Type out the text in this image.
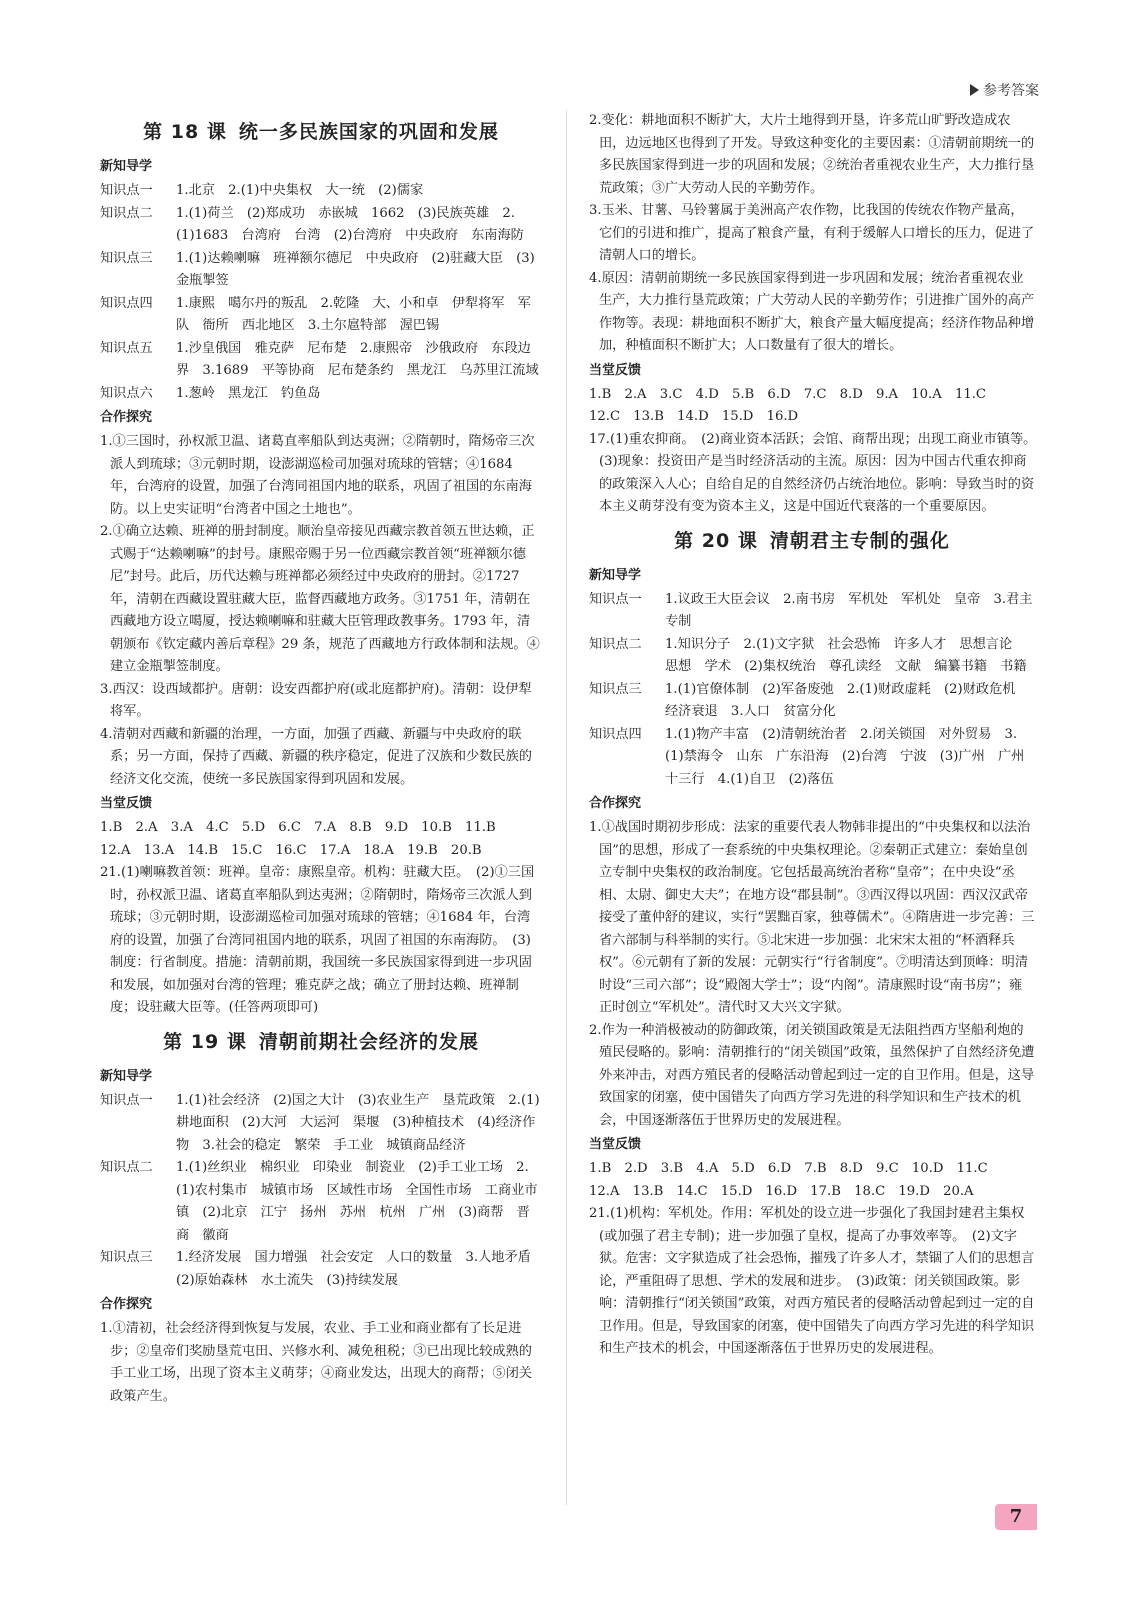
参考答案
第 18 课 统一多民族国家的巩固和发展
新知导学
知识点一	1.北京　2.(1)中央集权　大一统　(2)儒家
知识点二	1.(1)荷兰　(2)郑成功　赤嵌城　1662　(3)民族英雄　2.(1)1683　台湾府　台湾　(2)台湾府　中央政府　东南海防
知识点三	1.(1)达赖喇嘛　班禅额尔德尼　中央政府　(2)驻藏大臣　(3)金瓶掣签
知识点四	1.康熙　噶尔丹的叛乱　2.乾隆　大、小和卓　伊犁将军　军队　衙所　西北地区　3.土尔扈特部　渥巴锡
知识点五	1.沙皇俄国　雅克萨　尼布楚　2.康熙帝　沙俄政府　东段边界　3.1689　平等协商　尼布楚条约　黑龙江　乌苏里江流域
知识点六	1.葱岭　黑龙江　钓鱼岛
合作探究

1.①三国时，孙权派卫温、诸葛直率船队到达夷洲；②隋朝时，隋炀帝三次派人到琉球；③元朝时期，设澎湖巡检司加强对琉球的管辖；④1684 年，台湾府的设置，加强了台湾同祖国内地的联系，巩固了祖国的东南海防。以上史实证明“台湾者中国之土地也”。

2.①确立达赖、班禅的册封制度。顺治皇帝接见西藏宗教首领五世达赖，正式赐于“达赖喇嘛”的封号。康熙帝赐于另一位西藏宗教首领“班禅额尔德尼”封号。此后，历代达赖与班禅都必须经过中央政府的册封。②1727 年，清朝在西藏设置驻藏大臣，监督西藏地方政务。③1751 年，清朝在西藏地方设立噶厦，授达赖喇嘛和驻藏大臣管理政教事务。1793 年，清朝颁布《钦定藏内善后章程》29 条，规范了西藏地方行政体制和法规。④建立金瓶掣签制度。

3.西汉：设西域都护。唐朝：设安西都护府(或北庭都护府)。清朝：设伊犁将军。

4.清朝对西藏和新疆的治理，一方面，加强了西藏、新疆与中央政府的联系；另一方面，保持了西藏、新疆的秩序稳定，促进了汉族和少数民族的经济文化交流，使统一多民族国家得到巩固和发展。

当堂反馈

1.B　2.A　3.A　4.C　5.D　6.C　7.A　8.B　9.D　10.B　11.B

12.A　13.A　14.B　15.C　16.C　17.A　18.A　19.B　20.B

21.(1)喇嘛教首领：班禅。皇帝：康熙皇帝。机构：驻藏大臣。　(2)①三国时，孙权派卫温、诸葛直率船队到达夷洲；②隋朝时，隋炀帝三次派人到琉球；③元朝时期，设澎湖巡检司加强对琉球的管辖；④1684 年，台湾府的设置，加强了台湾同祖国内地的联系，巩固了祖国的东南海防。　(3)制度：行省制度。措施：清朝前期，我国统一多民族国家得到进一步巩固和发展，如加强对台湾的管理；雅克萨之战；确立了册封达赖、班禅制度；设驻藏大臣等。(任答两项即可)

第 19 课 清朝前期社会经济的发展
新知导学
知识点一	1.(1)社会经济　(2)国之大计　(3)农业生产　垦荒政策　2.(1)耕地面积　(2)大河　大运河　渠堰　(3)种植技术　(4)经济作物　3.社会的稳定　繁荣　手工业　城镇商品经济
知识点二	1.(1)丝织业　棉织业　印染业　制瓷业　(2)手工业工场　2.(1)农村集市　城镇市场　区域性市场　全国性市场　工商业市镇　(2)北京　江宁　扬州　苏州　杭州　广州　(3)商帮　晋商　徽商
知识点三	1.经济发展　国力增强　社会安定　人口的数量　3.人地矛盾　(2)原始森林　水土流失　(3)持续发展
合作探究

1.①清初，社会经济得到恢复与发展，农业、手工业和商业都有了长足进步；②皇帝们奖励垦荒屯田、兴修水利、减免租税；③已出现比较成熟的手工业工场，出现了资本主义萌芽；④商业发达，出现大的商帮；⑤闭关政策产生。

2.变化：耕地面积不断扩大，大片土地得到开垦，许多荒山旷野改造成农田，边远地区也得到了开发。导致这种变化的主要因素：①清朝前期统一的多民族国家得到进一步的巩固和发展；②统治者重视农业生产，大力推行垦荒政策；③广大劳动人民的辛勤劳作。

3.玉米、甘薯、马铃薯属于美洲高产农作物，比我国的传统农作物产量高，它们的引进和推广，提高了粮食产量，有利于缓解人口增长的压力，促进了清朝人口的增长。

4.原因：清朝前期统一多民族国家得到进一步巩固和发展；统治者重视农业生产，大力推行垦荒政策；广大劳动人民的辛勤劳作；引进推广国外的高产作物等。表现：耕地面积不断扩大，粮食产量大幅度提高；经济作物品种增加，种植面积不断扩大；人口数量有了很大的增长。

当堂反馈

1.B　2.A　3.C　4.D　5.B　6.D　7.C　8.D　9.A　10.A　11.C

12.C　13.B　14.D　15.D　16.D

17.(1)重农抑商。　(2)商业资本活跃；会馆、商帮出现；出现工商业市镇等。　(3)现象：投资田产是当时经济活动的主流。原因：因为中国古代重农抑商的政策深入人心；自给自足的自然经济仍占统治地位。影响：导致当时的资本主义萌芽没有变为资本主义，这是中国近代衰落的一个重要原因。

第 20 课 清朝君主专制的强化
新知导学
知识点一	1.议政王大臣会议　2.南书房　军机处　军机处　皇帝　3.君主专制
知识点二	1.知识分子　2.(1)文字狱　社会恐怖　许多人才　思想言论　思想　学术　(2)集权统治　尊孔读经　文献　编纂书籍　书籍
知识点三	1.(1)官僚体制　(2)军备废弛　2.(1)财政虚耗　(2)财政危机　经济衰退　3.人口　贫富分化
知识点四	1.(1)物产丰富　(2)清朝统治者　2.闭关锁国　对外贸易　3.(1)禁海令　山东　广东沿海　(2)台湾　宁波　(3)广州　广州十三行　4.(1)自卫　(2)落伍
合作探究

1.①战国时期初步形成：法家的重要代表人物韩非提出的“中央集权和以法治国”的思想，形成了一套系统的中央集权理论。②秦朝正式建立：秦始皇创立专制中央集权的政治制度。它包括最高统治者称“皇帝”；在中央设“丞相、太尉、御史大夫”；在地方设“郡县制”。③西汉得以巩固：西汉汉武帝接受了董仲舒的建议，实行“罢黜百家，独尊儒术”。④隋唐进一步完善：三省六部制与科举制的实行。⑤北宋进一步加强：北宋宋太祖的“杯酒释兵权”。⑥元朝有了新的发展：元朝实行“行省制度”。⑦明清达到顶峰：明清时设“三司六部”；设“殿阁大学士”；设“内阁”。清康熙时设“南书房”；雍正时创立“军机处”。清代时又大兴文字狱。

2.作为一种消极被动的防御政策，闭关锁国政策是无法阻挡西方坚船利炮的殖民侵略的。影响：清朝推行的“闭关锁国”政策，虽然保护了自然经济免遭外来冲击，对西方殖民者的侵略活动曾起到过一定的自卫作用。但是，这导致国家的闭塞，使中国错失了向西方学习先进的科学知识和生产技术的机会，中国逐渐落伍于世界历史的发展进程。

当堂反馈

1.B　2.D　3.B　4.A　5.D　6.D　7.B　8.D　9.C　10.D　11.C

12.A　13.B　14.C　15.D　16.D　17.B　18.C　19.D　20.A

21.(1)机构：军机处。作用：军机处的设立进一步强化了我国封建君主集权(或加强了君主专制)；进一步加强了皇权，提高了办事效率等。　(2)文字狱。危害：文字狱造成了社会恐怖，摧残了许多人才，禁锢了人们的思想言论，严重阻碍了思想、学术的发展和进步。　(3)政策：闭关锁国政策。影响：清朝推行“闭关锁国”政策，对西方殖民者的侵略活动曾起到过一定的自卫作用。但是，导致国家的闭塞，使中国错失了向西方学习先进的科学知识和生产技术的机会，中国逐渐落伍于世界历史的发展进程。

7
